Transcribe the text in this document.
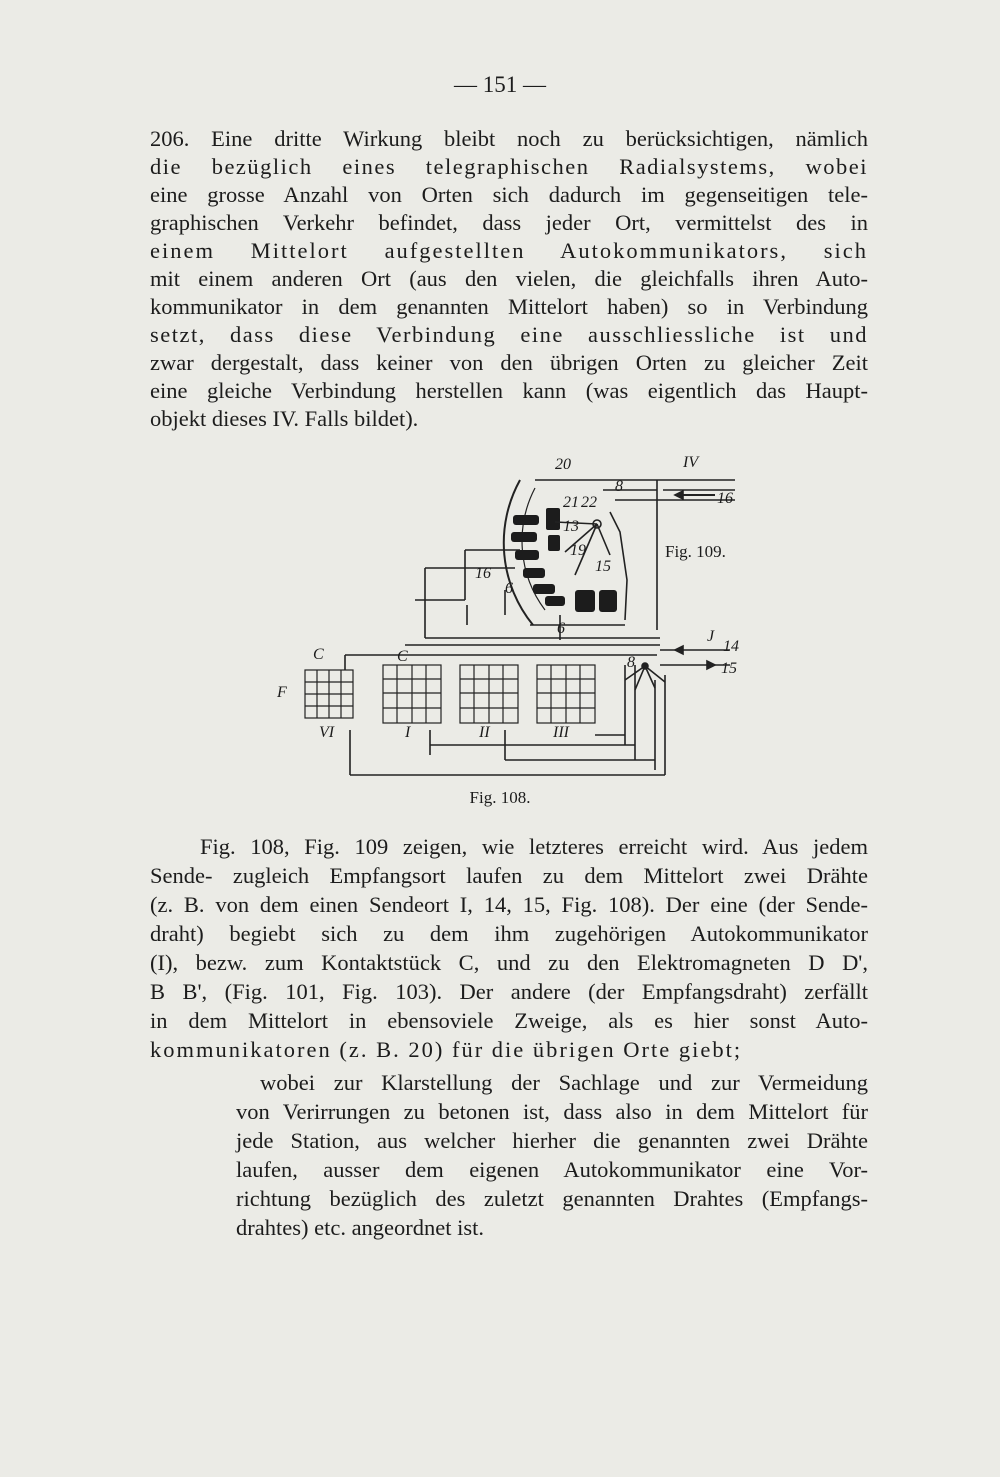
— 151 —
206. Eine dritte Wirkung bleibt noch zu berücksichtigen, nämlich
die bezüglich eines telegraphischen Radialsystems, wobei
eine grosse Anzahl von Orten sich dadurch im gegenseitigen tele-
graphischen Verkehr befindet, dass jeder Ort, vermittelst des in
einem Mittelort aufgestellten Autokommunikators, sich
mit einem anderen Ort (aus den vielen, die gleichfalls ihren Auto-
kommunikator in dem genannten Mittelort haben) so in Verbindung
setzt, dass diese Verbindung eine ausschliessliche ist und
zwar dergestalt, dass keiner von den übrigen Orten zu gleicher Zeit
eine gleiche Verbindung herstellen kann (was eigentlich das Haupt-
objekt dieses IV. Falls bildet).
20	IV
8
16
21 22
13
19
15
16
6
6	J
14
15
8
C	C
F
VI	I	II	III
Fig. 109.
Fig. 108.
Fig. 108, Fig. 109 zeigen, wie letzteres erreicht wird. Aus jedem
Sende- zugleich Empfangsort laufen zu dem Mittelort zwei Drähte
(z. B. von dem einen Sendeort I, 14, 15, Fig. 108). Der eine (der Sende-
draht) begiebt sich zu dem ihm zugehörigen Autokommunikator
(I), bezw. zum Kontaktstück C, und zu den Elektromagneten D D',
B B', (Fig. 101, Fig. 103). Der andere (der Empfangsdraht) zerfällt
in dem Mittelort in ebensoviele Zweige, als es hier sonst Auto-
kommunikatoren (z. B. 20) für die übrigen Orte giebt;
wobei zur Klarstellung der Sachlage und zur Vermeidung
von Verirrungen zu betonen ist, dass also in dem Mittelort für
jede Station, aus welcher hierher die genannten zwei Drähte
laufen, ausser dem eigenen Autokommunikator eine Vor-
richtung bezüglich des zuletzt genannten Drahtes (Empfangs-
drahtes) etc. angeordnet ist.
